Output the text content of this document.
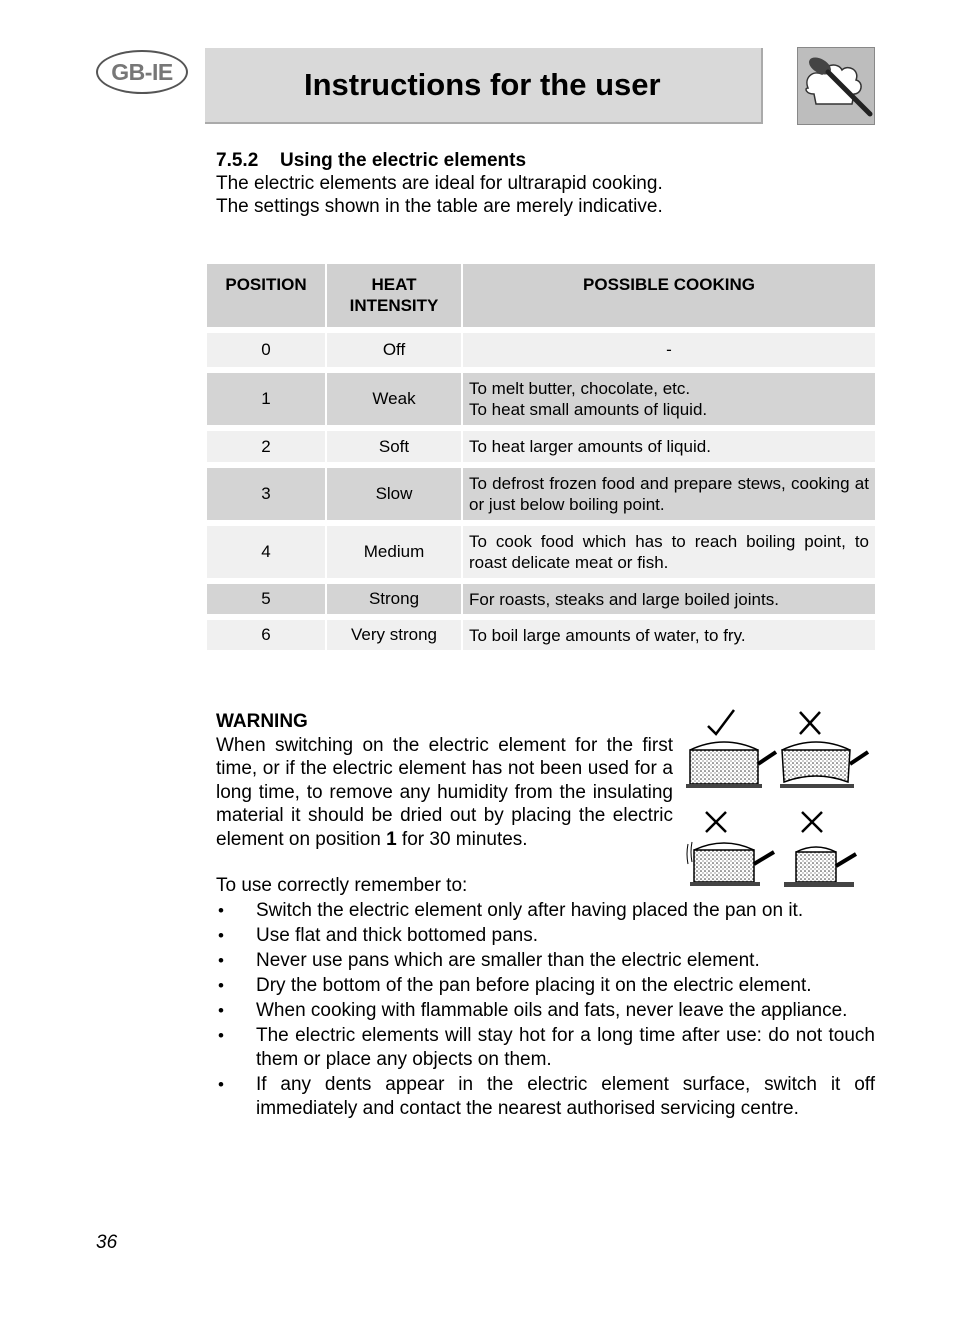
GB-IE	Instructions for the user
7.5.2 Using the electric elements
The electric elements are ideal for ultrarapid cooking.
The settings shown in the table are merely indicative.
POSITION	HEAT INTENSITY	POSSIBLE COOKING

0	Off	-

1	Weak	To melt butter, chocolate, etc.
To heat small amounts of liquid.

2	Soft	To heat larger amounts of liquid.

3	Slow	To defrost frozen food and prepare stews, cooking at or just below boiling point.

4	Medium	To cook food which has to reach boiling point, to roast delicate meat or fish.

5	Strong	For roasts, steaks and large boiled joints.

6	Very strong	To boil large amounts of water, to fry.
WARNING
When switching on the electric element for the first time, or if the electric element has not been used for a long time, to remove any humidity from the insulating material it should be dried out by placing the electric element on position 1 for 30 minutes.
To use correctly remember to:
• Switch the electric element only after having placed the pan on it.
• Use flat and thick bottomed pans.
• Never use pans which are smaller than the electric element.
• Dry the bottom of the pan before placing it on the electric element.
• When cooking with flammable oils and fats, never leave the appliance.
• The electric elements will stay hot for a long time after use: do not touch them or place any objects on them.
• If any dents appear in the electric element surface, switch it off immediately and contact the nearest authorised servicing centre.
36
